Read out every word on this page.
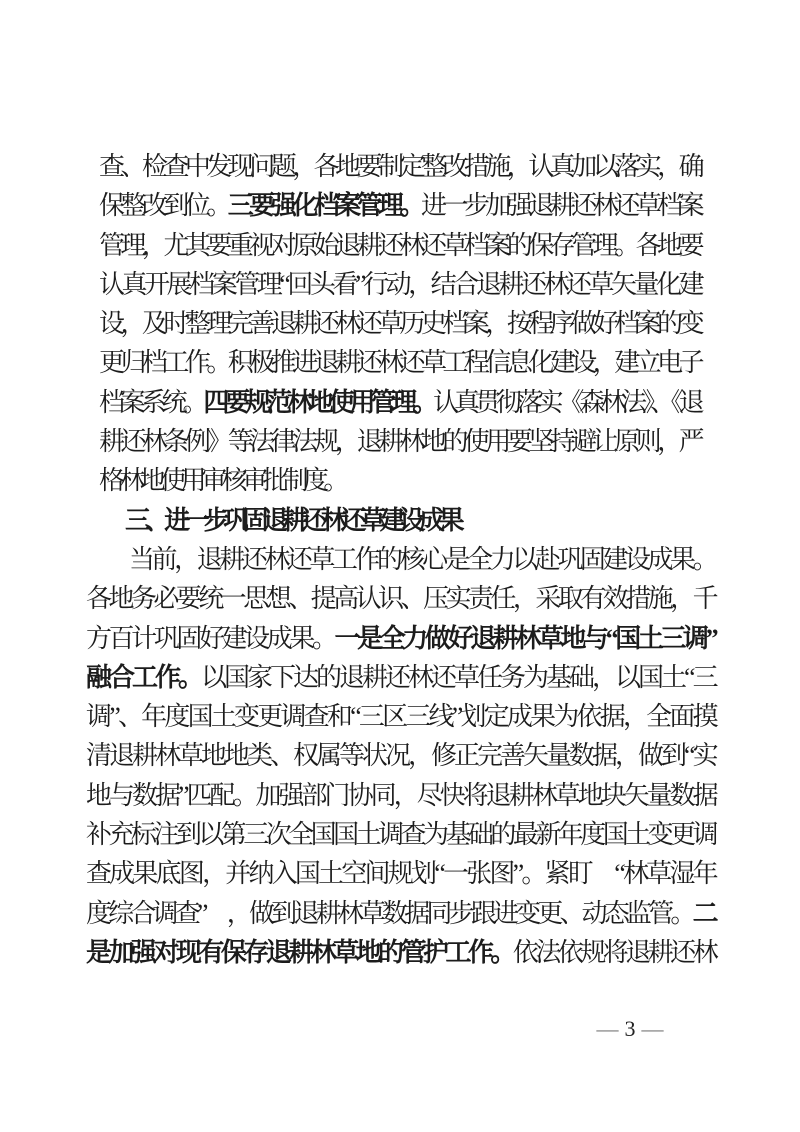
查、检查中发现问题，各地要制定整改措施，认真加以落实，确
保整改到位。三要强化档案管理。进一步加强退耕还林还草档案
管理，尤其要重视对原始退耕还林还草档案的保存管理。各地要
认真开展档案管理“回头看”行动，结合退耕还林还草矢量化建
设，及时整理完善退耕还林还草历史档案，按程序做好档案的变
更归档工作。积极推进退耕还林还草工程信息化建设，建立电子
档案系统。四要规范林地使用管理。认真贯彻落实《森林法》、《退
耕还林条例》等法律法规，退耕林地的使用要坚持避让原则，严
格林地使用审核审批制度。
三、进一步巩固退耕还林还草建设成果
当前，退耕还林还草工作的核心是全力以赴巩固建设成果。
各地务必要统一思想、提高认识、压实责任，采取有效措施，千
方百计巩固好建设成果。一是全力做好退耕林草地与“国土三调”
融合工作。以国家下达的退耕还林还草任务为基础，以国土“三
调”、年度国土变更调查和“三区三线”划定成果为依据，全面摸
清退耕林草地地类、权属等状况，修正完善矢量数据，做到“实
地与数据”匹配。加强部门协同，尽快将退耕林草地块矢量数据
补充标注到以第三次全国国土调查为基础的最新年度国土变更调
查成果底图，并纳入国土空间规划“一张图”。紧盯　“林草湿年
度综合调查”　，做到退耕林草数据同步跟进变更、动态监管。二
是加强对现有保存退耕林草地的管护工作。依法依规将退耕还林
— 3 —
